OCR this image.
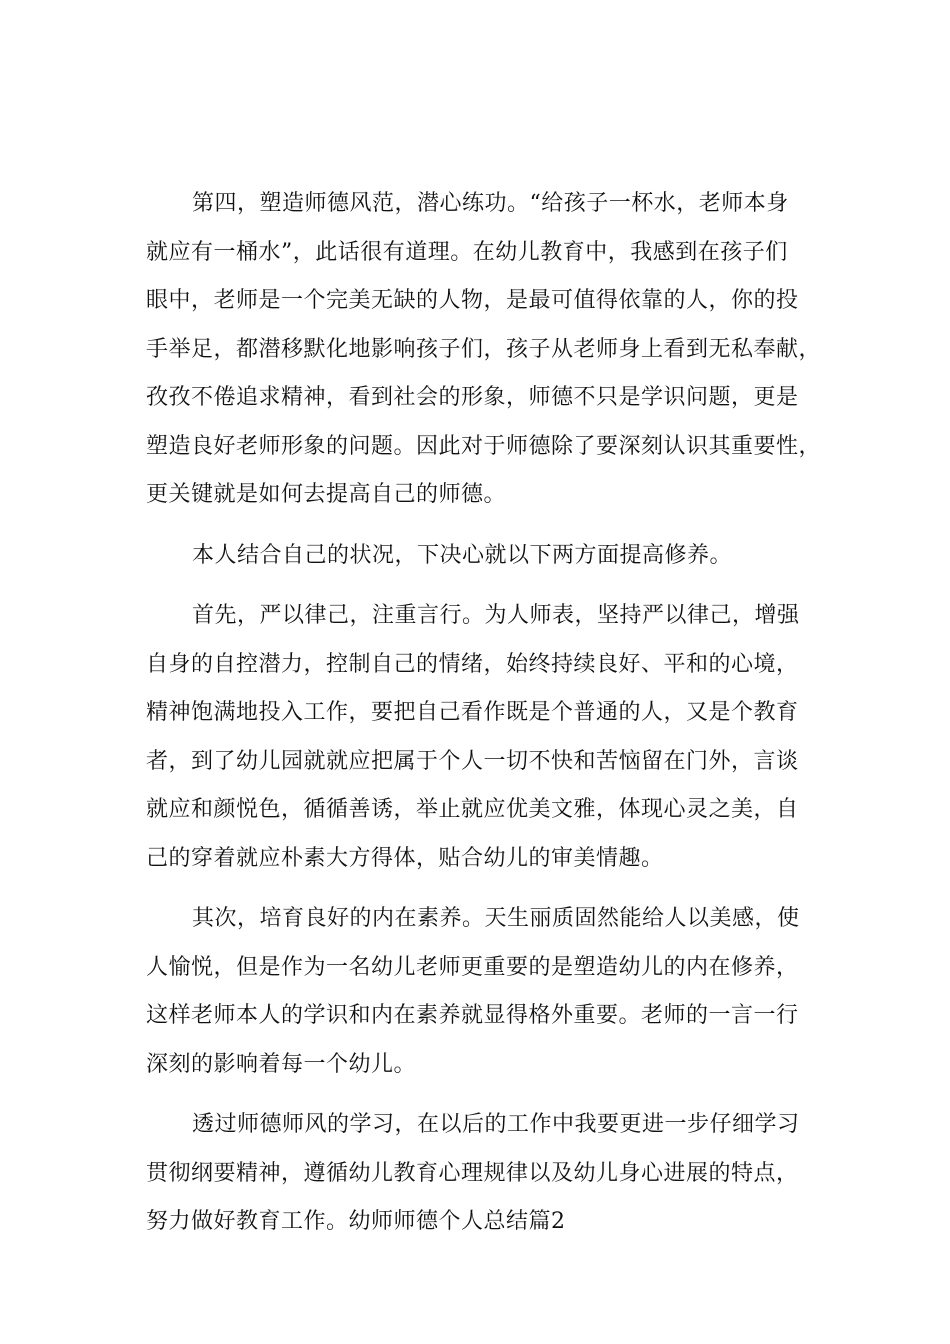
第四，塑造师德风范，潜心练功。“给孩子一杯水，老师本身
就应有一桶水”，此话很有道理。在幼儿教育中，我感到在孩子们
眼中，老师是一个完美无缺的人物，是最可值得依靠的人，你的投
手举足，都潜移默化地影响孩子们，孩子从老师身上看到无私奉献，
孜孜不倦追求精神，看到社会的形象，师德不只是学识问题，更是
塑造良好老师形象的问题。因此对于师德除了要深刻认识其重要性，
更关键就是如何去提高自己的师德。

本人结合自己的状况，下决心就以下两方面提高修养。

首先，严以律己，注重言行。为人师表，坚持严以律己，增强
自身的自控潜力，控制自己的情绪，始终持续良好、平和的心境，
精神饱满地投入工作，要把自己看作既是个普通的人，又是个教育
者，到了幼儿园就就应把属于个人一切不快和苦恼留在门外，言谈
就应和颜悦色，循循善诱，举止就应优美文雅，体现心灵之美，自
己的穿着就应朴素大方得体，贴合幼儿的审美情趣。

其次，培育良好的内在素养。天生丽质固然能给人以美感，使
人愉悦，但是作为一名幼儿老师更重要的是塑造幼儿的内在修养，
这样老师本人的学识和内在素养就显得格外重要。老师的一言一行
深刻的影响着每一个幼儿。

透过师德师风的学习，在以后的工作中我要更进一步仔细学习
贯彻纲要精神，遵循幼儿教育心理规律以及幼儿身心进展的特点，
努力做好教育工作。幼师师德个人总结篇2
